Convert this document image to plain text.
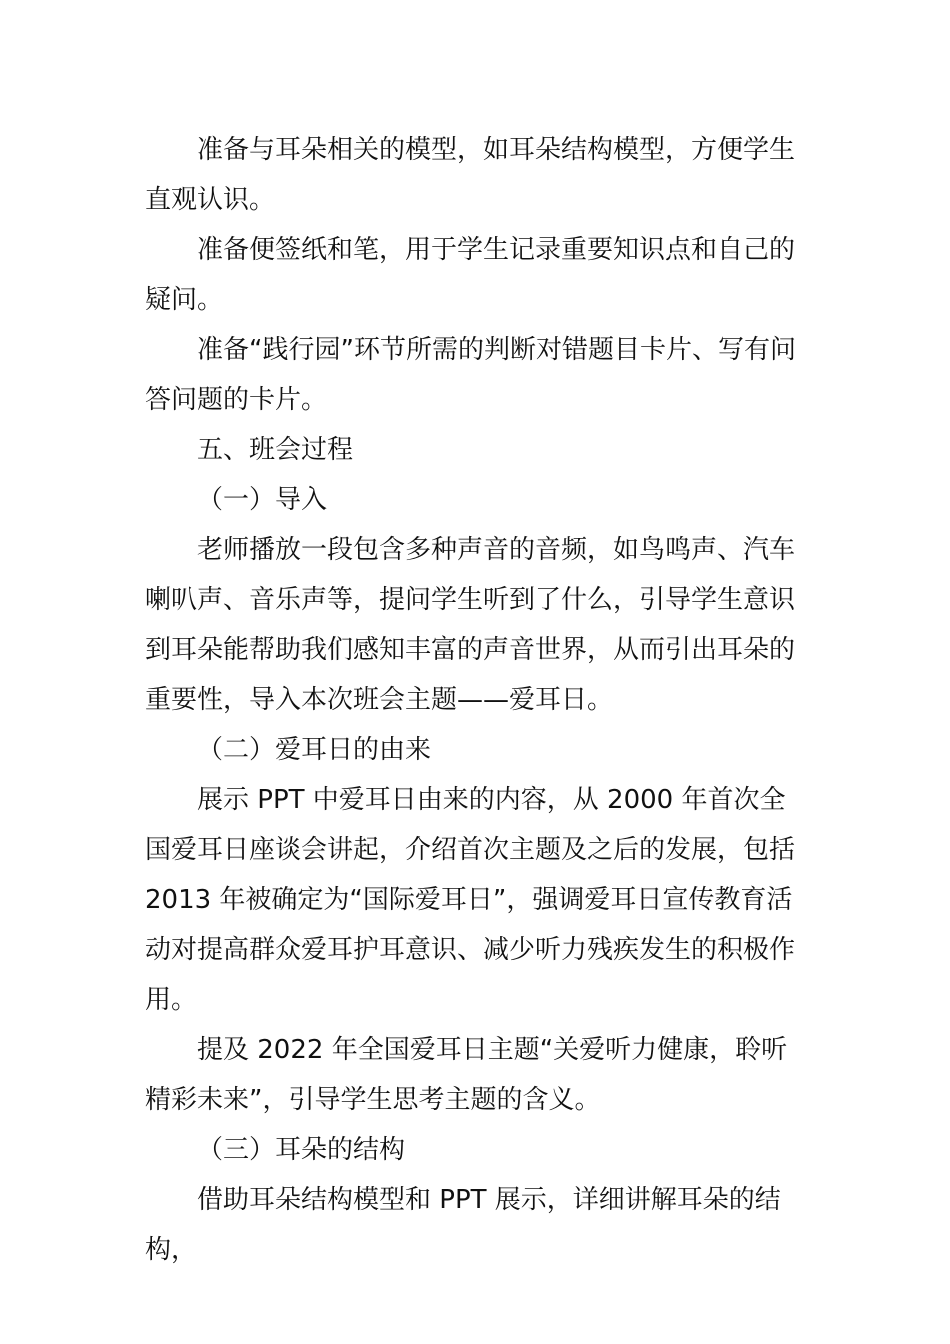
准备与耳朵相关的模型，如耳朵结构模型，方便学生直观认识。

准备便签纸和笔，用于学生记录重要知识点和自己的疑问。

准备“践行园”环节所需的判断对错题目卡片、写有问答问题的卡片。

五、班会过程

（一）导入

老师播放一段包含多种声音的音频，如鸟鸣声、汽车喇叭声、音乐声等，提问学生听到了什么，引导学生意识到耳朵能帮助我们感知丰富的声音世界，从而引出耳朵的重要性，导入本次班会主题——爱耳日。

（二）爱耳日的由来

展示 PPT 中爱耳日由来的内容，从 2000 年首次全国爱耳日座谈会讲起，介绍首次主题及之后的发展，包括 2013 年被确定为“国际爱耳日”，强调爱耳日宣传教育活动对提高群众爱耳护耳意识、减少听力残疾发生的积极作用。

提及 2022 年全国爱耳日主题“关爱听力健康，聆听精彩未来”，引导学生思考主题的含义。

（三）耳朵的结构

借助耳朵结构模型和 PPT 展示，详细讲解耳朵的结构，
